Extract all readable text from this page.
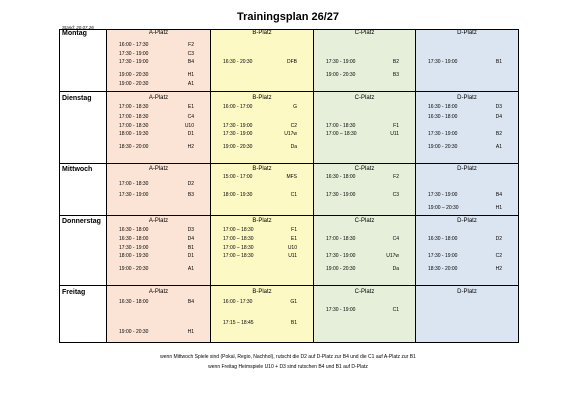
Trainingsplan 26/27
Stand: 20.07.26
Montag	A-Platz
16:00 - 17:30	F2
17:30 - 19:00	C3
17:30 - 19:00	B4
19:00 - 20:30	H1
19:00 - 20:30	A1
B-Platz
16:30 - 20:30	DFB
C-Platz
17:30 - 19:00	B2
19:00 - 20:30	B3
D-Platz
17:30 - 19:00	B1
Dienstag	A-Platz
17:00 - 18:30	E1
17:00 - 18:30	C4
17:00 - 18:30	U10
18:00 - 19:30	D1
18:30 - 20:00	H2
B-Platz
16:00 - 17:00	G
17:30 - 19:00	C2
17:30 - 19:00	U17w
19:00 - 20:30	Da
C-Platz
17:00 - 18:30	F1
17:00 – 18:30	U11
D-Platz
16:30 - 18:00	D3
16:30 - 18:00	D4
17:30 - 19:00	B2
19:00 - 20:30	A1
Mittwoch	A-Platz
17:00 - 18:30	D2
17:30 - 19:00	B3
B-Platz
15:00 - 17:00	MFS
18:00 - 19:30	C1
C-Platz
16:30 - 18:00	F2
17:30 - 19:00	C3
D-Platz
17:30 - 19:00	B4
19:00 – 20:30	H1
Donnerstag	A-Platz
16:30 - 18:00	D3
16:30 - 18:00	D4
17:30 - 19:00	B1
18:00 - 19:30	D1
19:00 - 20:30	A1
B-Platz
17:00 – 18:30	F1
17:00 – 18:30	E1
17:00 – 18:30	U10
17:00 – 18:30	U11
C-Platz
17:00 - 18:30	C4
17:30 - 19:00	U17w
19:00 - 20:30	Da
D-Platz
16:30 - 18:00	D2
17:30 - 19:00	C2
18:30 - 20:00	H2
Freitag	A-Platz
16:30 - 18:00	B4
19:00 - 20:30	H1
B-Platz
16:00 - 17:30	G1
17:15 – 18:45	B1
C-Platz
17:30 - 19:00	C1
D-Platz
wenn Mittwoch Spiele sind (Pokal, Regio, Nachhol), rutscht die D2 auf D-Platz zur B4 und die C1 auf A-Platz zur B1
wenn Freitag Heimspiele U10 + D3 sind rutschen B4 und B1 auf D-Platz
